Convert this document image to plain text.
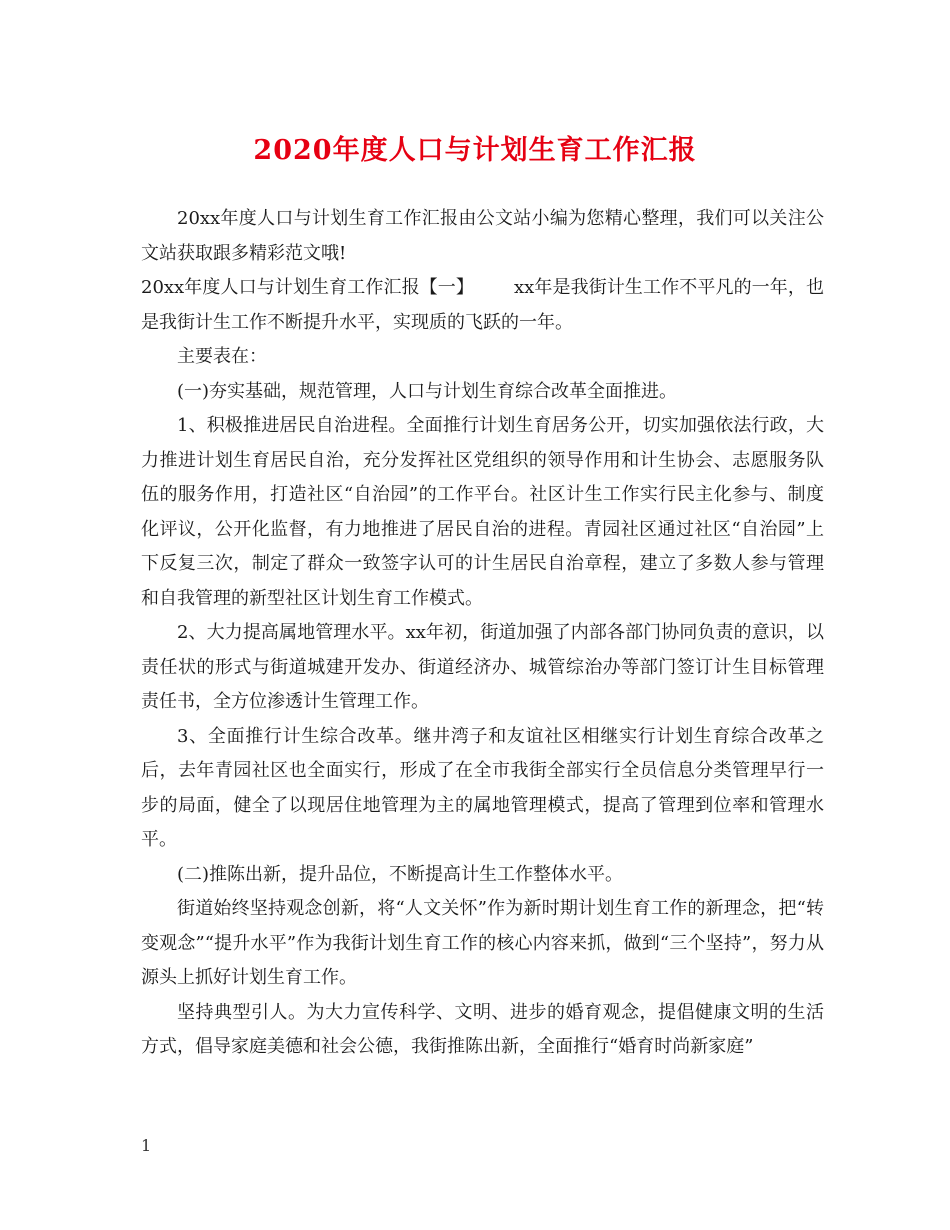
2020年度人口与计划生育工作汇报

20xx年度人口与计划生育工作汇报由公文站小编为您精心整理，我们可以关注公文站获取跟多精彩范文哦!

20xx年度人口与计划生育工作汇报【一】 xx年是我街计生工作不平凡的一年，也是我街计生工作不断提升水平，实现质的飞跃的一年。

主要表在：

(一)夯实基础，规范管理，人口与计划生育综合改革全面推进。

1、积极推进居民自治进程。全面推行计划生育居务公开，切实加强依法行政，大力推进计划生育居民自治，充分发挥社区党组织的领导作用和计生协会、志愿服务队伍的服务作用，打造社区“自治园”的工作平台。社区计生工作实行民主化参与、制度化评议，公开化监督，有力地推进了居民自治的进程。青园社区通过社区“自治园”上下反复三次，制定了群众一致签字认可的计生居民自治章程，建立了多数人参与管理和自我管理的新型社区计划生育工作模式。

2、大力提高属地管理水平。xx年初，街道加强了内部各部门协同负责的意识，以责任状的形式与街道城建开发办、街道经济办、城管综治办等部门签订计生目标管理责任书，全方位渗透计生管理工作。

3、全面推行计生综合改革。继井湾子和友谊社区相继实行计划生育综合改革之后，去年青园社区也全面实行，形成了在全市我街全部实行全员信息分类管理早行一步的局面，健全了以现居住地管理为主的属地管理模式，提高了管理到位率和管理水平。

(二)推陈出新，提升品位，不断提高计生工作整体水平。

街道始终坚持观念创新，将“人文关怀”作为新时期计划生育工作的新理念，把“转变观念”“提升水平”作为我街计划生育工作的核心内容来抓，做到“三个坚持”，努力从源头上抓好计划生育工作。

坚持典型引人。为大力宣传科学、文明、进步的婚育观念，提倡健康文明的生活方式，倡导家庭美德和社会公德，我街推陈出新，全面推行“婚育时尚新家庭”

1
